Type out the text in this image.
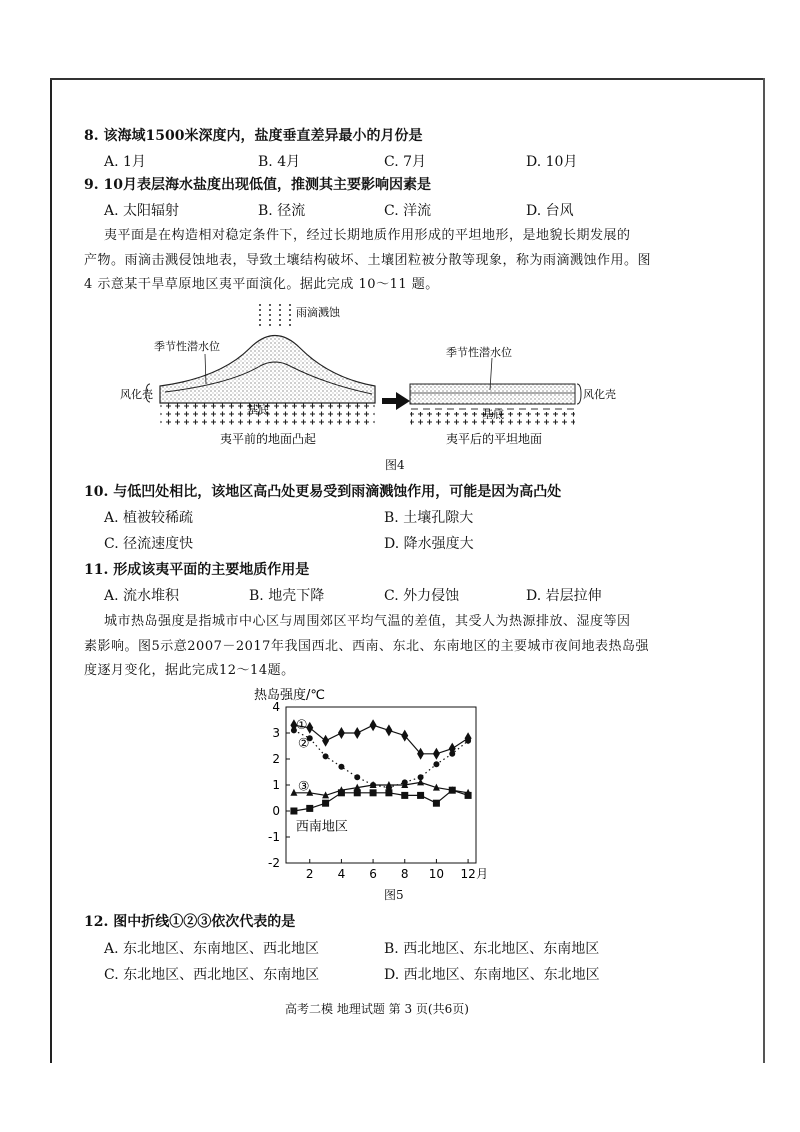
8. 该海域1500米深度内，盐度垂直差异最小的月份是
A. 1月	B. 4月	C. 7月	D. 10月
9. 10月表层海水盐度出现低值，推测其主要影响因素是
A. 太阳辐射	B. 径流	C. 洋流	D. 台风
夷平面是在构造相对稳定条件下，经过长期地质作用形成的平坦地形，是地貌长期发展的
产物。雨滴击溅侵蚀地表，导致土壤结构破坏、土壤团粒被分散等现象，称为雨滴溅蚀作用。图
4 示意某干旱草原地区夷平面演化。据此完成 10～11 题。
雨滴溅蚀
季节性潜水位
风化壳
基底
夷平前的地面凸起
季节性潜水位
风化壳
基底
夷平后的平坦地面
图4
10. 与低凹处相比，该地区高凸处更易受到雨滴溅蚀作用，可能是因为高凸处
A. 植被较稀疏	B. 土壤孔隙大
C. 径流速度快	D. 降水强度大
11. 形成该夷平面的主要地质作用是
A. 流水堆积	B. 地壳下降	C. 外力侵蚀	D. 岩层拉伸
城市热岛强度是指城市中心区与周围郊区平均气温的差值，其受人为热源排放、湿度等因
素影响。图5示意2007－2017年我国西北、西南、东北、东南地区的主要城市夜间地表热岛强
度逐月变化，据此完成12～14题。
热岛强度/℃
-2
-1
0
1
2
3
4
2 4 6 8 10 12 月
①
②
③
西南地区
图5
12. 图中折线①②③依次代表的是
A. 东北地区、东南地区、西北地区	B. 西北地区、东北地区、东南地区
C. 东北地区、西北地区、东南地区	D. 西北地区、东南地区、东北地区
高考二模 地理试题 第 3 页(共6页)
